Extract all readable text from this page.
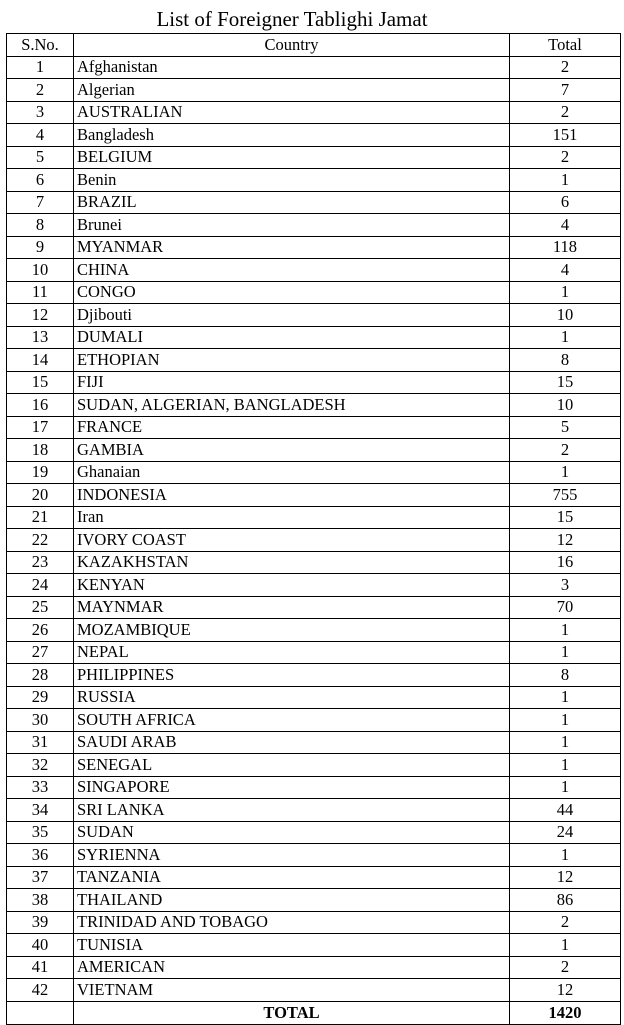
List of Foreigner Tablighi Jamat
S.No.	Country	Total
1	Afghanistan	2
2	Algerian	7
3	AUSTRALIAN	2
4	Bangladesh	151
5	BELGIUM	2
6	Benin	1
7	BRAZIL	6
8	Brunei	4
9	MYANMAR	118
10	CHINA	4
11	CONGO	1
12	Djibouti	10
13	DUMALI	1
14	ETHOPIAN	8
15	FIJI	15
16	SUDAN, ALGERIAN, BANGLADESH	10
17	FRANCE	5
18	GAMBIA	2
19	Ghanaian	1
20	INDONESIA	755
21	Iran	15
22	IVORY COAST	12
23	KAZAKHSTAN	16
24	KENYAN	3
25	MAYNMAR	70
26	MOZAMBIQUE	1
27	NEPAL	1
28	PHILIPPINES	8
29	RUSSIA	1
30	SOUTH AFRICA	1
31	SAUDI ARAB	1
32	SENEGAL	1
33	SINGAPORE	1
34	SRI LANKA	44
35	SUDAN	24
36	SYRIENNA	1
37	TANZANIA	12
38	THAILAND	86
39	TRINIDAD AND TOBAGO	2
40	TUNISIA	1
41	AMERICAN	2
42	VIETNAM	12
	TOTAL	1420
